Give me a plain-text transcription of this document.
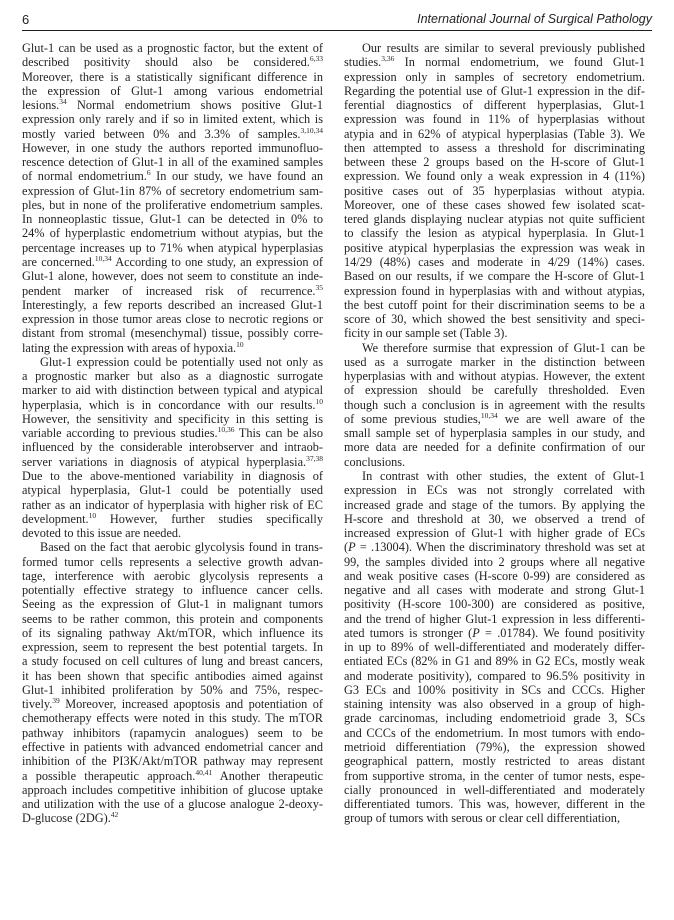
6	International Journal of Surgical Pathology
Glut-1 can be used as a prognostic factor, but the extent of
described positivity should also be considered.$^{6,33}$
Moreover, there is a statistically significant difference in
the expression of Glut-1 among various endometrial
lesions.$^{34}$ Normal endometrium shows positive Glut-1
expression only rarely and if so in limited extent, which is
mostly varied between 0% and 3.3% of samples.$^{3,10,34}$
However, in one study the authors reported immunofluo-
rescence detection of Glut-1 in all of the examined samples
of normal endometrium.$^6$ In our study, we have found an
expression of Glut-1in 87% of secretory endometrium sam-
ples, but in none of the proliferative endometrium samples.
In nonneoplastic tissue, Glut-1 can be detected in 0% to
24% of hyperplastic endometrium without atypias, but the
percentage increases up to 71% when atypical hyperplasias
are concerned.$^{10,34}$ According to one study, an expression of
Glut-1 alone, however, does not seem to constitute an inde-
pendent marker of increased risk of recurrence.$^{35}$
Interestingly, a few reports described an increased Glut-1
expression in those tumor areas close to necrotic regions or
distant from stromal (mesenchymal) tissue, possibly corre-
lating the expression with areas of hypoxia.$^{10}$
Glut-1 expression could be potentially used not only as
a prognostic marker but also as a diagnostic surrogate
marker to aid with distinction between typical and atypical
hyperplasia, which is in concordance with our results.$^{10}$
However, the sensitivity and specificity in this setting is
variable according to previous studies.$^{10,36}$ This can be also
influenced by the considerable interobserver and intraob-
server variations in diagnosis of atypical hyperplasia.$^{37,38}$
Due to the above-mentioned variability in diagnosis of
atypical hyperplasia, Glut-1 could be potentially used
rather as an indicator of hyperplasia with higher risk of EC
development.$^{10}$ However, further studies specifically
devoted to this issue are needed.
Based on the fact that aerobic glycolysis found in trans-
formed tumor cells represents a selective growth advan-
tage, interference with aerobic glycolysis represents a
potentially effective strategy to influence cancer cells.
Seeing as the expression of Glut-1 in malignant tumors
seems to be rather common, this protein and components
of its signaling pathway Akt/mTOR, which influence its
expression, seem to represent the best potential targets. In
a study focused on cell cultures of lung and breast cancers,
it has been shown that specific antibodies aimed against
Glut-1 inhibited proliferation by 50% and 75%, respec-
tively.$^{39}$ Moreover, increased apoptosis and potentiation of
chemotherapy effects were noted in this study. The mTOR
pathway inhibitors (rapamycin analogues) seem to be
effective in patients with advanced endometrial cancer and
inhibition of the PI3K/Akt/mTOR pathway may represent
a possible therapeutic approach.$^{40,41}$ Another therapeutic
approach includes competitive inhibition of glucose uptake
and utilization with the use of a glucose analogue 2-deoxy-
D-glucose (2DG).$^{42}$
Our results are similar to several previously published
studies.$^{3,36}$ In normal endometrium, we found Glut-1
expression only in samples of secretory endometrium.
Regarding the potential use of Glut-1 expression in the dif-
ferential diagnostics of different hyperplasias, Glut-1
expression was found in 11% of hyperplasias without
atypia and in 62% of atypical hyperplasias (Table 3). We
then attempted to assess a threshold for discriminating
between these 2 groups based on the H-score of Glut-1
expression. We found only a weak expression in 4 (11%)
positive cases out of 35 hyperplasias without atypia.
Moreover, one of these cases showed few isolated scat-
tered glands displaying nuclear atypias not quite sufficient
to classify the lesion as atypical hyperplasia. In Glut-1
positive atypical hyperplasias the expression was weak in
14/29 (48%) cases and moderate in 4/29 (14%) cases.
Based on our results, if we compare the H-score of Glut-1
expression found in hyperplasias with and without atypias,
the best cutoff point for their discrimination seems to be a
score of 30, which showed the best sensitivity and speci-
ficity in our sample set (Table 3).
We therefore surmise that expression of Glut-1 can be
used as a surrogate marker in the distinction between
hyperplasias with and without atypias. However, the extent
of expression should be carefully thresholded. Even
though such a conclusion is in agreement with the results
of some previous studies,$^{10,34}$ we are well aware of the
small sample set of hyperplasia samples in our study, and
more data are needed for a definite confirmation of our
conclusions.
In contrast with other studies, the extent of Glut-1
expression in ECs was not strongly correlated with
increased grade and stage of the tumors. By applying the
H-score and threshold at 30, we observed a trend of
increased expression of Glut-1 with higher grade of ECs
(P = .13004). When the discriminatory threshold was set at
99, the samples divided into 2 groups where all negative
and weak positive cases (H-score 0-99) are considered as
negative and all cases with moderate and strong Glut-1
positivity (H-score 100-300) are considered as positive,
and the trend of higher Glut-1 expression in less differenti-
ated tumors is stronger (P = .01784). We found positivity
in up to 89% of well-differentiated and moderately differ-
entiated ECs (82% in G1 and 89% in G2 ECs, mostly weak
and moderate positivity), compared to 96.5% positivity in
G3 ECs and 100% positivity in SCs and CCCs. Higher
staining intensity was also observed in a group of high-
grade carcinomas, including endometrioid grade 3, SCs
and CCCs of the endometrium. In most tumors with endo-
metrioid differentiation (79%), the expression showed
geographical pattern, mostly restricted to areas distant
from supportive stroma, in the center of tumor nests, espe-
cially pronounced in well-differentiated and moderately
differentiated tumors. This was, however, different in the
group of tumors with serous or clear cell differentiation,
